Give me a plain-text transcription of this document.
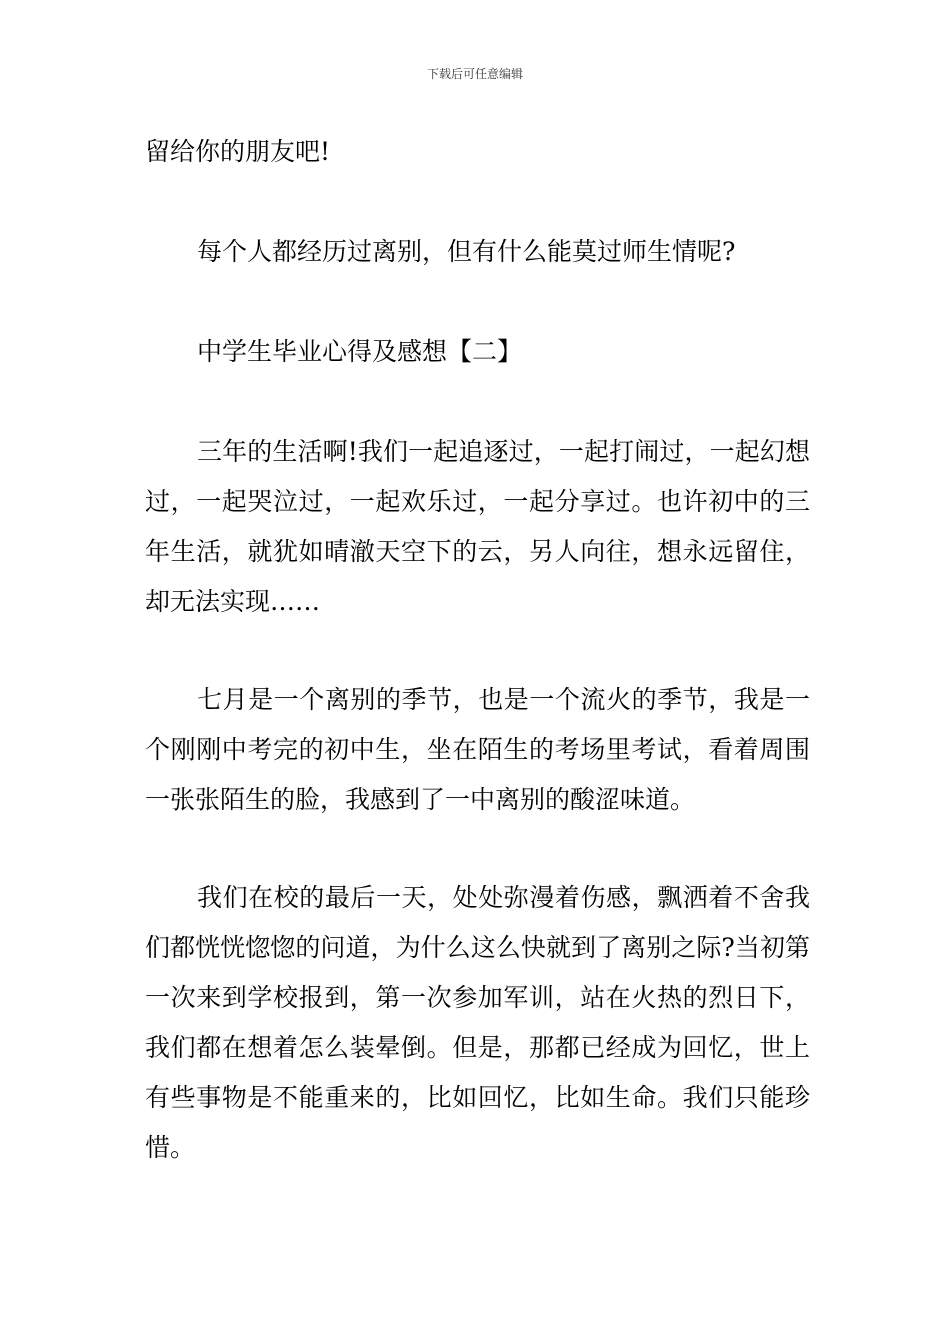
下载后可任意编辑

留给你的朋友吧!

每个人都经历过离别，但有什么能莫过师生情呢?

中学生毕业心得及感想【二】

三年的生活啊!我们一起追逐过，一起打闹过，一起幻想过，一起哭泣过，一起欢乐过，一起分享过。也许初中的三年生活，就犹如晴澈天空下的云，另人向往，想永远留住，却无法实现……

七月是一个离别的季节，也是一个流火的季节，我是一个刚刚中考完的初中生，坐在陌生的考场里考试，看着周围一张张陌生的脸，我感到了一中离别的酸涩味道。

我们在校的最后一天，处处弥漫着伤感，飘洒着不舍我们都恍恍惚惚的问道，为什么这么快就到了离别之际?当初第一次来到学校报到，第一次参加军训，站在火热的烈日下，我们都在想着怎么装晕倒。但是，那都已经成为回忆，世上有些事物是不能重来的，比如回忆，比如生命。我们只能珍惜。
